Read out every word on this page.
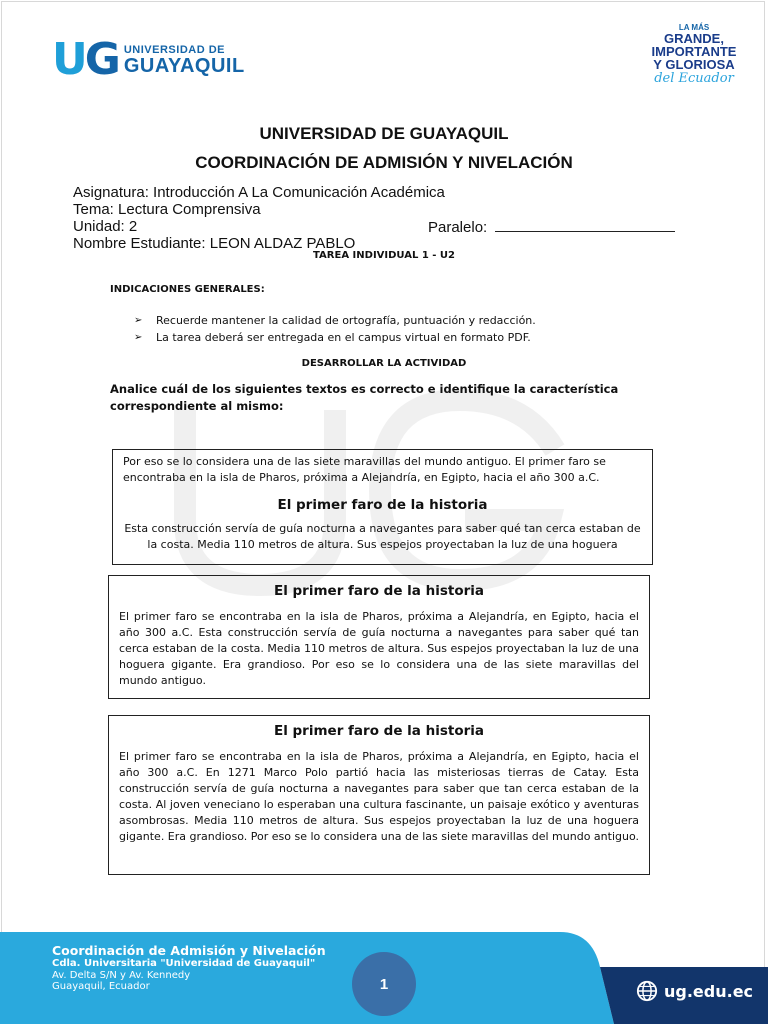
UG UNIVERSIDAD DE
GUAYAQUIL
LA MÁS
GRANDE,
IMPORTANTE
Y GLORIOSA
del Ecuador
UNIVERSIDAD DE GUAYAQUIL
COORDINACIÓN DE ADMISIÓN Y NIVELACIÓN
Asignatura: Introducción A La Comunicación Académica
Tema: Lectura Comprensiva
Unidad: 2	Paralelo:
Nombre Estudiante: LEON ALDAZ PABLO
TAREA INDIVIDUAL 1 - U2
INDICACIONES GENERALES:
➢	Recuerde mantener la calidad de ortografía, puntuación y redacción.
➢	La tarea deberá ser entregada en el campus virtual en formato PDF.
DESARROLLAR LA ACTIVIDAD
Analice cuál de los siguientes textos es correcto e identifique la característica correspondiente al mismo:
Por eso se lo considera una de las siete maravillas del mundo antiguo. El primer faro se encontraba en la isla de Pharos, próxima a Alejandría, en Egipto, hacia el año 300 a.C.
El primer faro de la historia
Esta construcción servía de guía nocturna a navegantes para saber qué tan cerca estaban de la costa. Media 110 metros de altura. Sus espejos proyectaban la luz de una hoguera
El primer faro de la historia
El primer faro se encontraba en la isla de Pharos, próxima a Alejandría, en Egipto, hacia el año 300 a.C. Esta construcción servía de guía nocturna a navegantes para saber qué tan cerca estaban de la costa. Media 110 metros de altura. Sus espejos proyectaban la luz de una hoguera gigante. Era grandioso. Por eso se lo considera una de las siete maravillas del mundo antiguo.
El primer faro de la historia
El primer faro se encontraba en la isla de Pharos, próxima a Alejandría, en Egipto, hacia el año 300 a.C. En 1271 Marco Polo partió hacia las misteriosas tierras de Catay. Esta construcción servía de guía nocturna a navegantes para saber que tan cerca estaban de la costa. Al joven veneciano lo esperaban una cultura fascinante, un paisaje exótico y aventuras asombrosas. Media 110 metros de altura. Sus espejos proyectaban la luz de una hoguera gigante. Era grandioso. Por eso se lo considera una de las siete maravillas del mundo antiguo.
Coordinación de Admisión y Nivelación
Cdla. Universitaria "Universidad de Guayaquil"
Av. Delta S/N y Av. Kennedy
Guayaquil, Ecuador	1	ug.edu.ec
